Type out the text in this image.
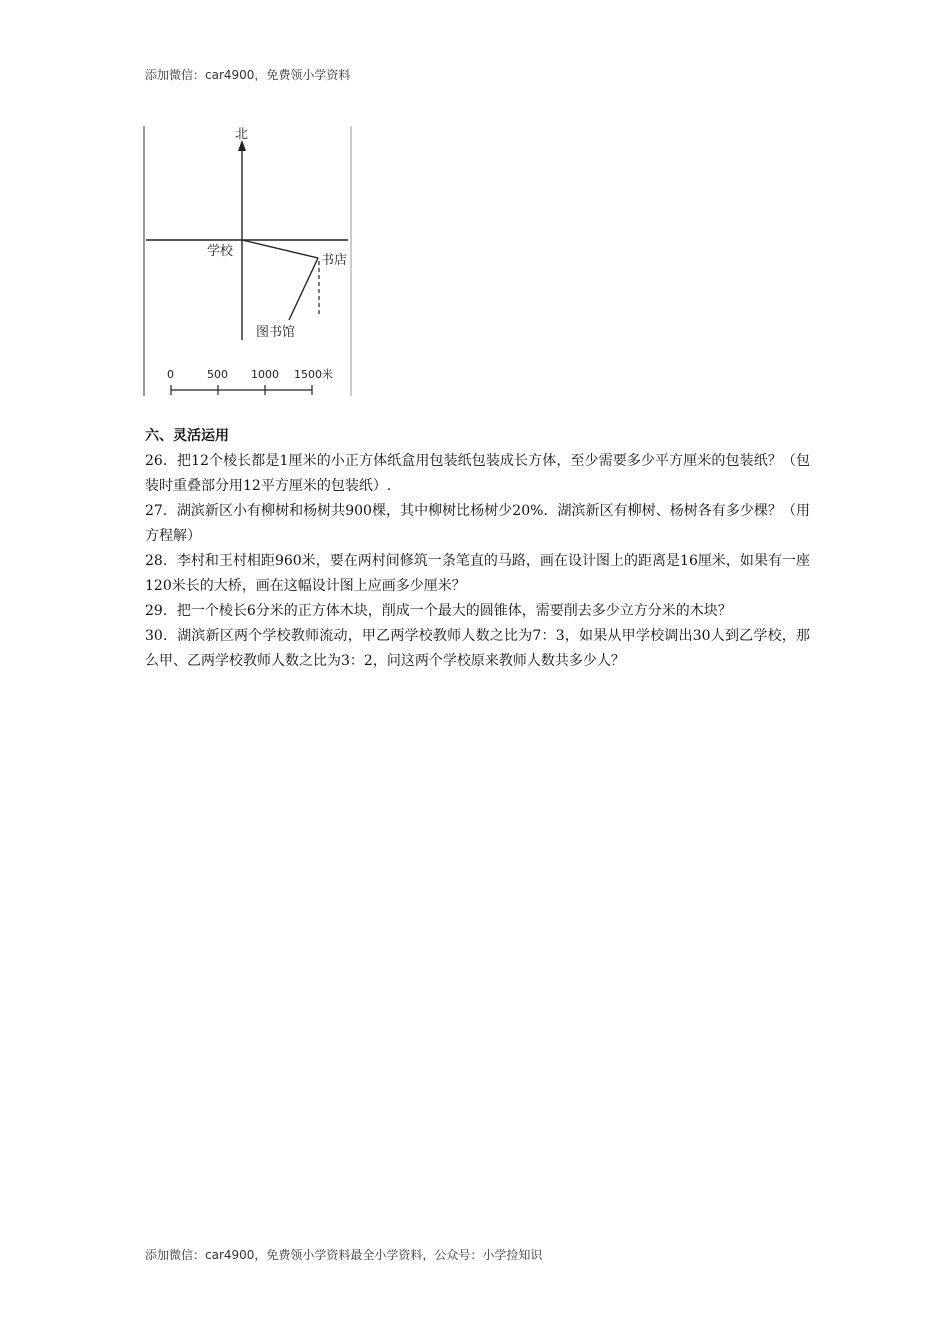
添加微信：car4900，免费领小学资料
北
学校
书店
图书馆
0	500 1000 1500米

六、灵活运用

26．把12个棱长都是1厘米的小正方体纸盒用包装纸包装成长方体，至少需要多少平方厘米的包装纸？（包装时重叠部分用12平方厘米的包装纸）.

27．湖滨新区小有柳树和杨树共900棵，其中柳树比杨树少20%．湖滨新区有柳树、杨树各有多少棵？（用方程解）

28．李村和王村相距960米，要在两村间修筑一条笔直的马路，画在设计图上的距离是16厘米，如果有一座120米长的大桥，画在这幅设计图上应画多少厘米？

29．把一个棱长6分米的正方体木块，削成一个最大的圆锥体，需要削去多少立方分米的木块？

30．湖滨新区两个学校教师流动，甲乙两学校教师人数之比为7：3，如果从甲学校调出30人到乙学校，那么甲、乙两学校教师人数之比为3：2，问这两个学校原来教师人数共多少人？

添加微信：car4900，免费领小学资料最全小学资料，公众号：小学捡知识
